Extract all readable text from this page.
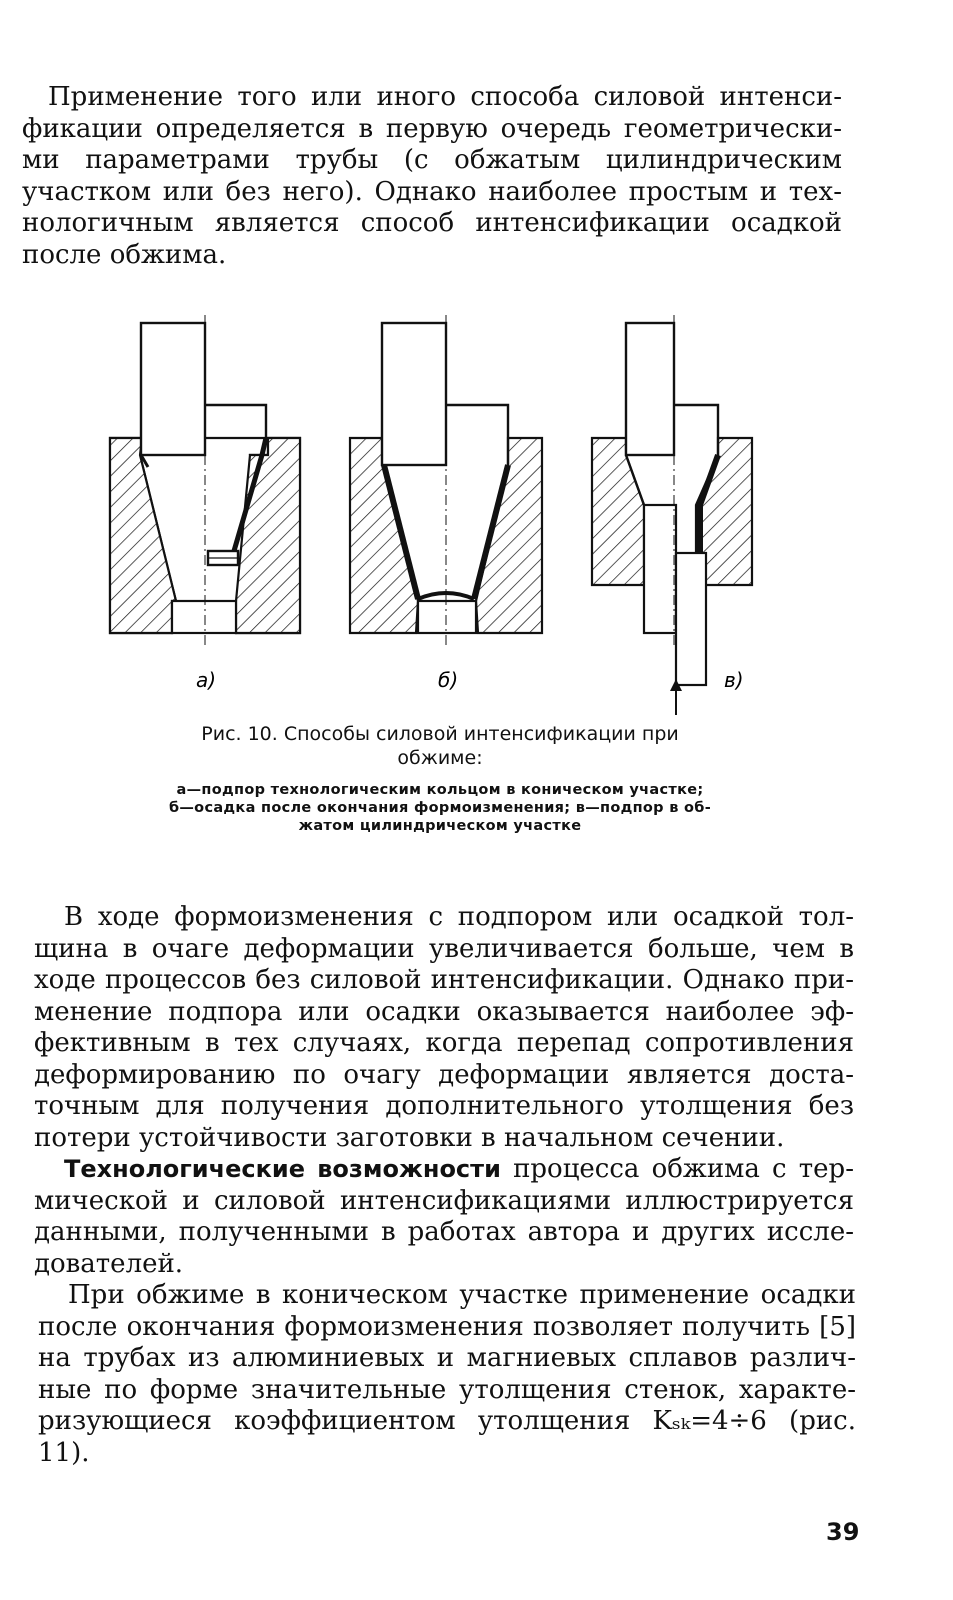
Применение того или иного способа силовой интенси-
фикации определяется в первую очередь геометрически-
ми параметрами трубы (с обжатым цилиндрическим
участком или без него). Однако наиболее простым и тех-
нологичным является способ интенсификации осадкой
после обжима.
а)	б)	в)
Рис. 10. Способы силовой интенсификации при
обжиме:
а—подпор технологическим кольцом в коническом участке;
б—осадка после окончания формоизменения; в—подпор в об-
жатом цилиндрическом участке
В ходе формоизменения с подпором или осадкой тол-
щина в очаге деформации увеличивается больше, чем в
ходе процессов без силовой интенсификации. Однако при-
менение подпора или осадки оказывается наиболее эф-
фективным в тех случаях, когда перепад сопротивления
деформированию по очагу деформации является доста-
точным для получения дополнительного утолщения без
потери устойчивости заготовки в начальном сечении.
Технологические возможности процесса обжима с тер-
мической и силовой интенсификациями иллюстрируется
данными, полученными в работах автора и других иссле-
дователей.
При обжиме в коническом участке применение осадки
после окончания формоизменения позволяет получить [5]
на трубах из алюминиевых и магниевых сплавов различ-
ные по форме значительные утолщения стенок, характе-
ризующиеся коэффициентом утолщения Kₛₖ=4÷6 (рис.
11).
39
